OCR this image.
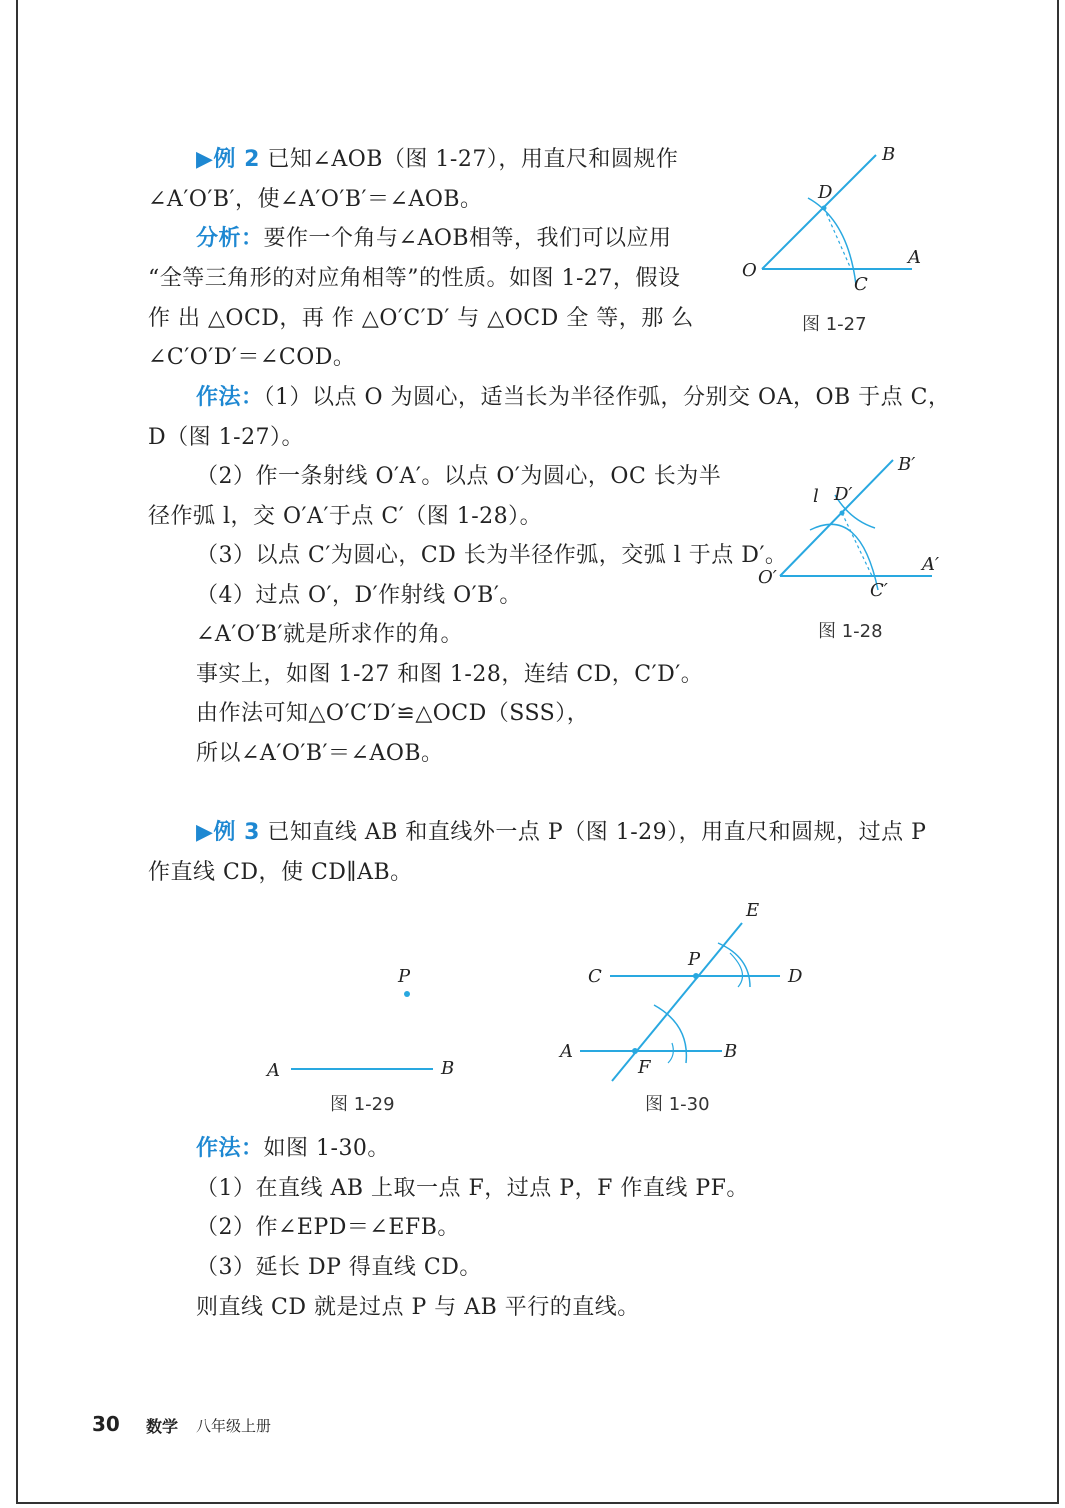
▶例 2 已知∠AOB（图 1-27），用直尺和圆规作
∠A′O′B′，使∠A′O′B′＝∠AOB。
分析：要作一个角与∠AOB相等，我们可以应用
“全等三角形的对应角相等”的性质。如图 1-27，假设
作 出 △OCD，再 作 △O′C′D′ 与 △OCD 全 等，那 么
∠C′O′D′＝∠COD。
作法：（1）以点 O 为圆心，适当长为半径作弧，分别交 OA，OB 于点 C，
D（图 1-27）。
（2）作一条射线 O′A′。以点 O′为圆心，OC 长为半
径作弧 l，交 O′A′于点 C′（图 1-28）。
（3）以点 C′为圆心，CD 长为半径作弧，交弧 l 于点 D′。
（4）过点 O′，D′作射线 O′B′。
∠A′O′B′就是所求作的角。
事实上，如图 1-27 和图 1-28，连结 CD，C′D′。
由作法可知△O′C′D′≌△OCD（SSS），
所以∠A′O′B′＝∠AOB。
O
A
B
C
D
图 1-27
O′
A′
B′
C′
D′
l
图 1-28
▶例 3 已知直线 AB 和直线外一点 P（图 1-29），用直尺和圆规，过点 P
作直线 CD，使 CD∥AB。
P
A	B
图 1-29
C	D
E
P
A	B
F
图 1-30
作法：如图 1-30。
（1）在直线 AB 上取一点 F，过点 P，F 作直线 PF。
（2）作∠EPD＝∠EFB。
（3）延长 DP 得直线 CD。
则直线 CD 就是过点 P 与 AB 平行的直线。
30 数学 八年级上册
